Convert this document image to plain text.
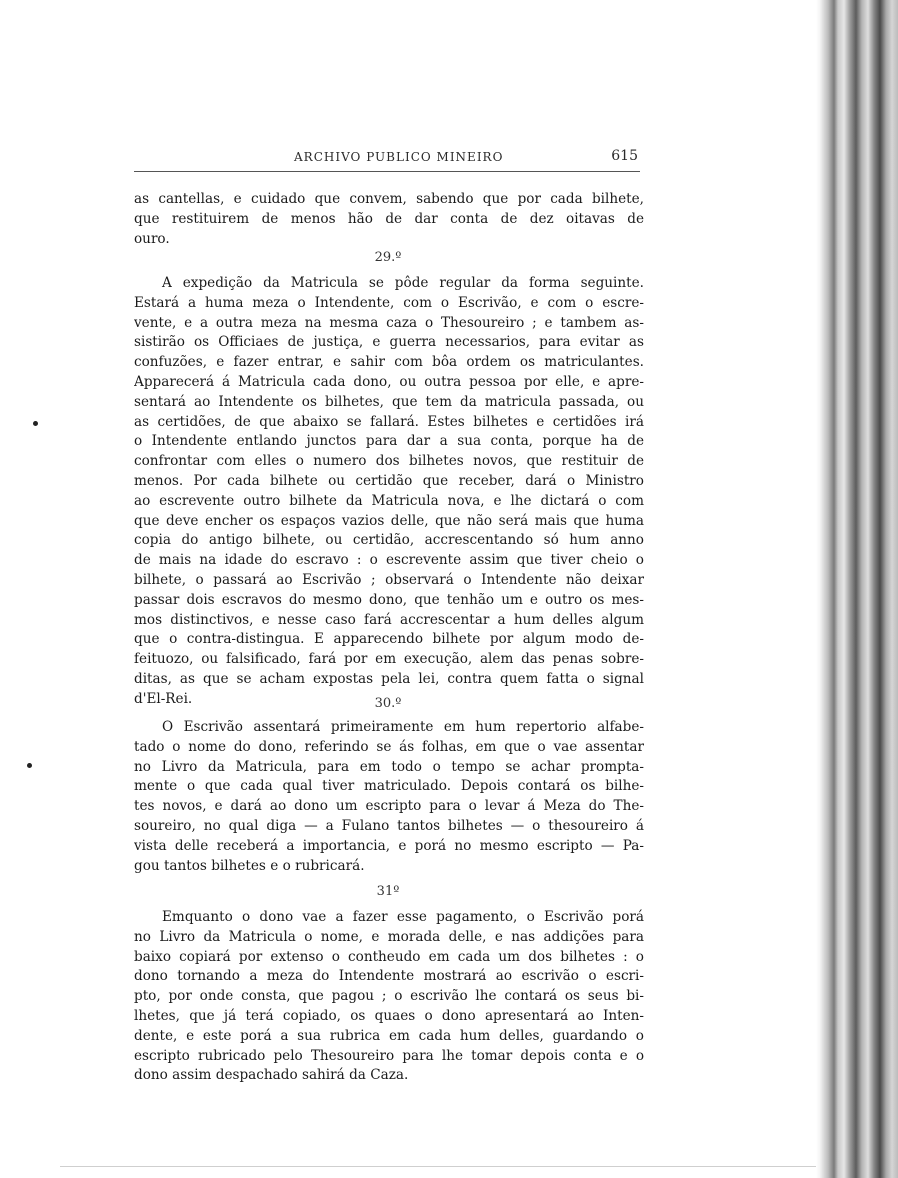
ARCHIVO PUBLICO MINEIRO	615
as cantellas, e cuidado que convem, sabendo que por cada bilhete,
que restituirem de menos hão de dar conta de dez oitavas de
ouro.
29.º
A expedição da Matricula se pôde regular da forma seguinte.
Estará a huma meza o Intendente, com o Escrivão, e com o escre-
vente, e a outra meza na mesma caza o Thesoureiro ; e tambem as-
sistirão os Officiaes de justiça, e guerra necessarios, para evitar as
confuzões, e fazer entrar, e sahir com bôa ordem os matriculantes.
Apparecerá á Matricula cada dono, ou outra pessoa por elle, e apre-
sentará ao Intendente os bilhetes, que tem da matricula passada, ou
as certidões, de que abaixo se fallará. Estes bilhetes e certidões irá
o Intendente entlando junctos para dar a sua conta, porque ha de
confrontar com elles o numero dos bilhetes novos, que restituir de
menos. Por cada bilhete ou certidão que receber, dará o Ministro
ao escrevente outro bilhete da Matricula nova, e lhe dictará o com
que deve encher os espaços vazios delle, que não será mais que huma
copia do antigo bilhete, ou certidão, accrescentando só hum anno
de mais na idade do escravo : o escrevente assim que tiver cheio o
bilhete, o passará ao Escrivão ; observará o Intendente não deixar
passar dois escravos do mesmo dono, que tenhão um e outro os mes-
mos distinctivos, e nesse caso fará accrescentar a hum delles algum
que o contra-distingua. E apparecendo bilhete por algum modo de-
feituozo, ou falsificado, fará por em execução, alem das penas sobre-
ditas, as que se acham expostas pela lei, contra quem fatta o signal
d'El-Rei.	30.º
O Escrivão assentará primeiramente em hum repertorio alfabe-
tado o nome do dono, referindo se ás folhas, em que o vae assentar
no Livro da Matricula, para em todo o tempo se achar prompta-
mente o que cada qual tiver matriculado. Depois contará os bilhe-
tes novos, e dará ao dono um escripto para o levar á Meza do The-
soureiro, no qual diga — a Fulano tantos bilhetes — o thesoureiro á
vista delle receberá a importancia, e porá no mesmo escripto — Pa-
gou tantos bilhetes e o rubricará.
31º
Emquanto o dono vae a fazer esse pagamento, o Escrivão porá
no Livro da Matricula o nome, e morada delle, e nas addições para
baixo copiará por extenso o contheudo em cada um dos bilhetes : o
dono tornando a meza do Intendente mostrará ao escrivão o escri-
pto, por onde consta, que pagou ; o escrivão lhe contará os seus bi-
lhetes, que já terá copiado, os quaes o dono apresentará ao Inten-
dente, e este porá a sua rubrica em cada hum delles, guardando o
escripto rubricado pelo Thesoureiro para lhe tomar depois conta e o
dono assim despachado sahirá da Caza.
